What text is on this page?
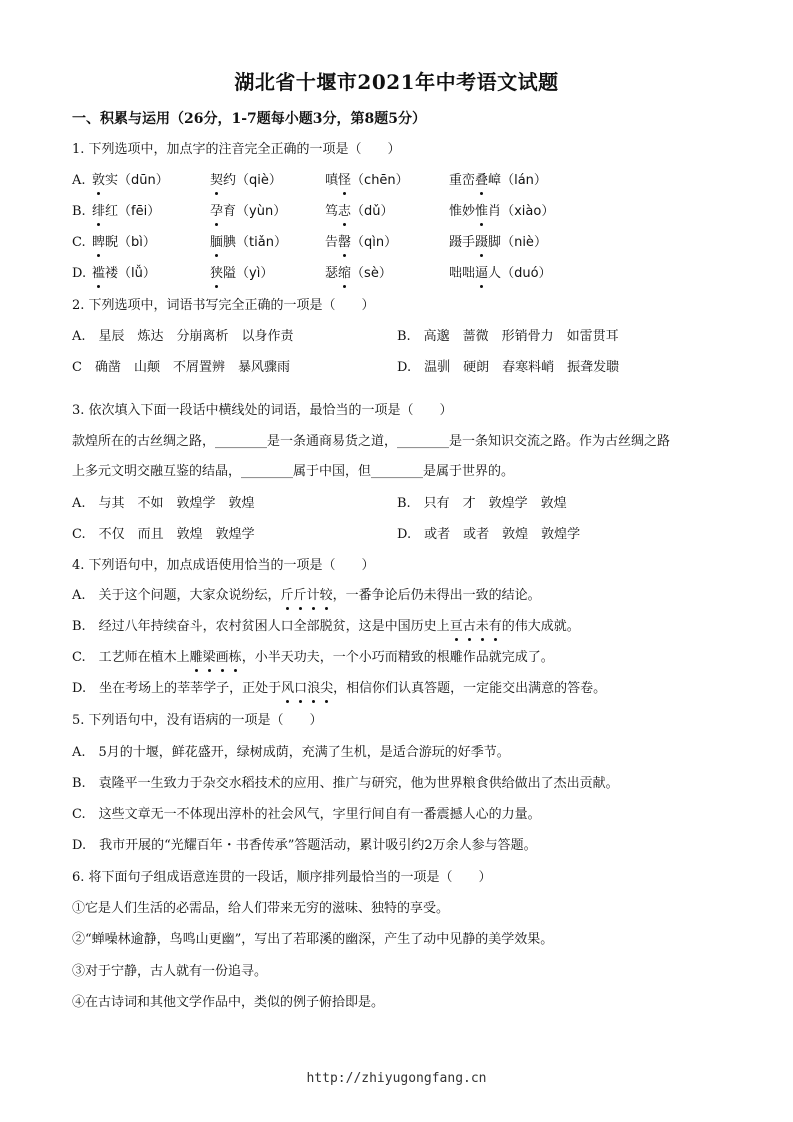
湖北省十堰市2021年中考语文试题
一、积累与运用（26分，1-7题每小题3分，第8题5分）
1. 下列选项中，加点字的注音完全正确的一项是（　　）
A. 敦实（dūn）	契约（qiè）	嗔怪（chēn）	重峦叠嶂（lán）
B. 绯红（fēi）	孕育（yùn）	笃志（dǔ）	惟妙惟肖（xiào）
C. 睥睨（bì）	腼腆（tiǎn）	告罄（qìn）	蹑手蹑脚（niè）
D. 褴褛（lǚ）	狭隘（yì）	瑟缩（sè）	咄咄逼人（duó）
2. 下列选项中，词语书写完全正确的一项是（　　）
A.　星辰　炼达　分崩离析　以身作责	B.　高邈　蔷微　形销骨力　如雷贯耳
C　确凿　山颠　不屑置辨　暴风骤雨	D.　温驯　硬朗　春寒料峭　振聋发聩
3. 依次填入下面一段话中横线处的词语，最恰当的一项是（　　）
款煌所在的古丝绸之路，________是一条通商易货之道，________是一条知识交流之路。作为古丝绸之路
上多元文明交融互鉴的结晶，________属于中国，但________是属于世界的。
A.　与其　不如　敦煌学　敦煌	B.　只有　才　敦煌学　敦煌
C.　不仅　而且　敦煌　敦煌学	D.　或者　或者　敦煌　敦煌学
4. 下列语句中，加点成语使用恰当的一项是（　　）
A.　关于这个问题，大家众说纷纭，斤斤计较，一番争论后仍未得出一致的结论。
B.　经过八年持续奋斗，农村贫困人口全部脱贫，这是中国历史上亘古未有的伟大成就。
C.　工艺师在植木上雕梁画栋，小半天功夫，一个小巧而精致的根雕作品就完成了。
D.　坐在考场上的莘莘学子，正处于风口浪尖，相信你们认真答题，一定能交出满意的答卷。
5. 下列语句中，没有语病的一项是（　　）
A.　5月的十堰，鲜花盛开，绿树成荫，充满了生机，是适合游玩的好季节。
B.　袁隆平一生致力于杂交水稻技术的应用、推广与研究，他为世界粮食供给做出了杰出贡献。
C.　这些文章无一不体现出淳朴的社会风气，字里行间自有一番震撼人心的力量。
D.　我市开展的“光耀百年・书香传承”答题活动，累计吸引约2万余人参与答题。
6. 将下面句子组成语意连贯的一段话，顺序排列最恰当的一项是（　　）
①它是人们生活的必需品，给人们带来无穷的滋味、独特的享受。
②“蝉噪林逾静，鸟鸣山更幽”，写出了若耶溪的幽深，产生了动中见静的美学效果。
③对于宁静，古人就有一份追寻。
④在古诗词和其他文学作品中，类似的例子俯拾即是。
http://zhiyugongfang.cn
